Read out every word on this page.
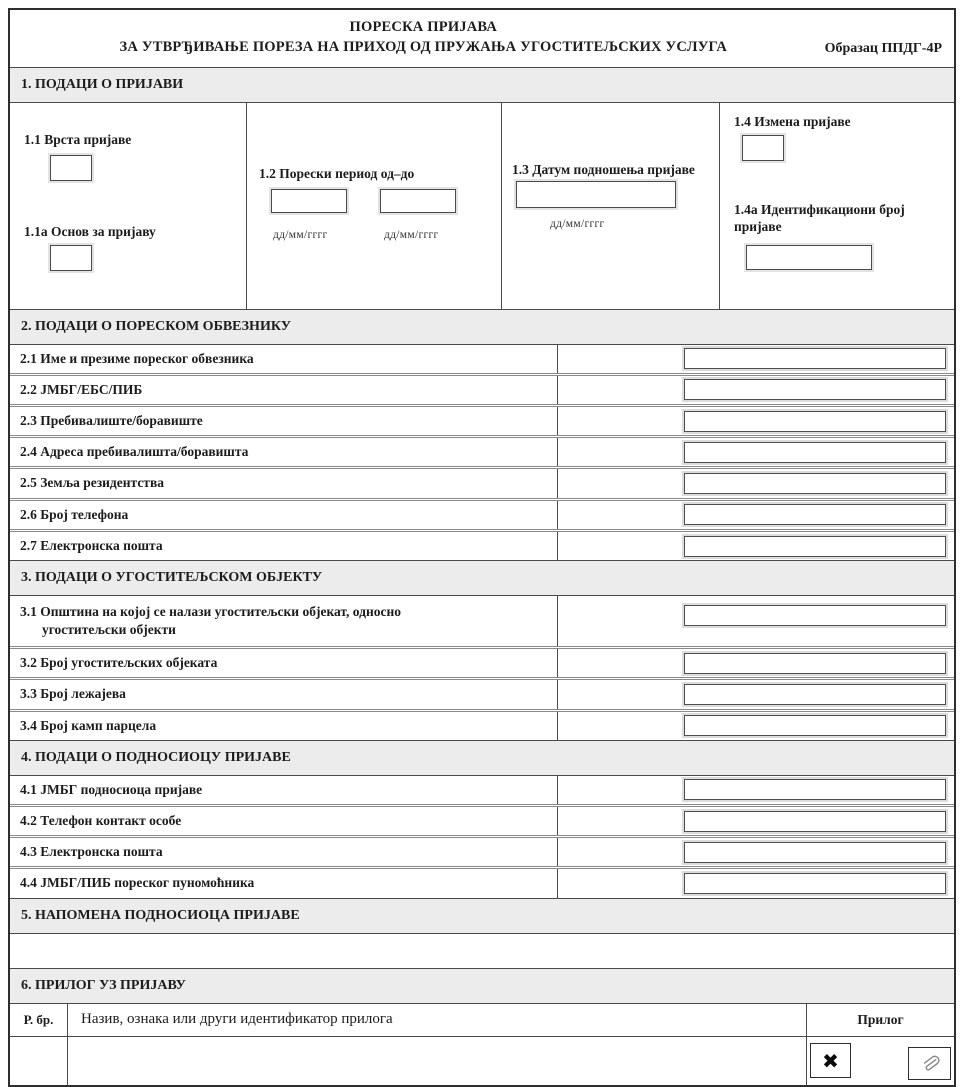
ПОРЕСКА ПРИЈАВА
ЗА УТВРЂИВАЊЕ ПОРЕЗА НА ПРИХОД ОД ПРУЖАЊА УГОСТИТЕЉСКИХ УСЛУГА	Образац ППДГ-4Р
1. ПОДАЦИ О ПРИЈАВИ
1.1 Врста пријаве
1.1а Основ за пријаву
1.2 Порески период од–до
дд/мм/гггг	дд/мм/гггг
1.3 Датум подношења пријаве
дд/мм/гггг
1.4 Измена пријаве
1.4а Идентификациони број пријаве
2. ПОДАЦИ О ПОРЕСКОМ ОБВЕЗНИКУ
2.1 Име и презиме пореског обвезника
2.2 ЈМБГ/ЕБС/ПИБ
2.3 Пребивалиште/боравиште
2.4 Адреса пребивалишта/боравишта
2.5 Земља резидентства
2.6 Број телефона
2.7 Електронска пошта
3. ПОДАЦИ О УГОСТИТЕЉСКОМ ОБЈЕКТУ
3.1 Општина на којој се налази угоститељски објекат, односно
угоститељски објекти
3.2 Број угоститељских објеката
3.3 Број лежајева
3.4 Број камп парцела
4. ПОДАЦИ О ПОДНОСИОЦУ ПРИЈАВЕ
4.1 ЈМБГ подносиоца пријаве
4.2 Телефон контакт особе
4.3 Електронска пошта
4.4 ЈМБГ/ПИБ пореског пуномоћника
5. НАПОМЕНА ПОДНОСИОЦА ПРИЈАВЕ
6. ПРИЛОГ УЗ ПРИЈАВУ
Р. бр.	Назив, ознака или други идентификатор прилога	Прилог
✖
